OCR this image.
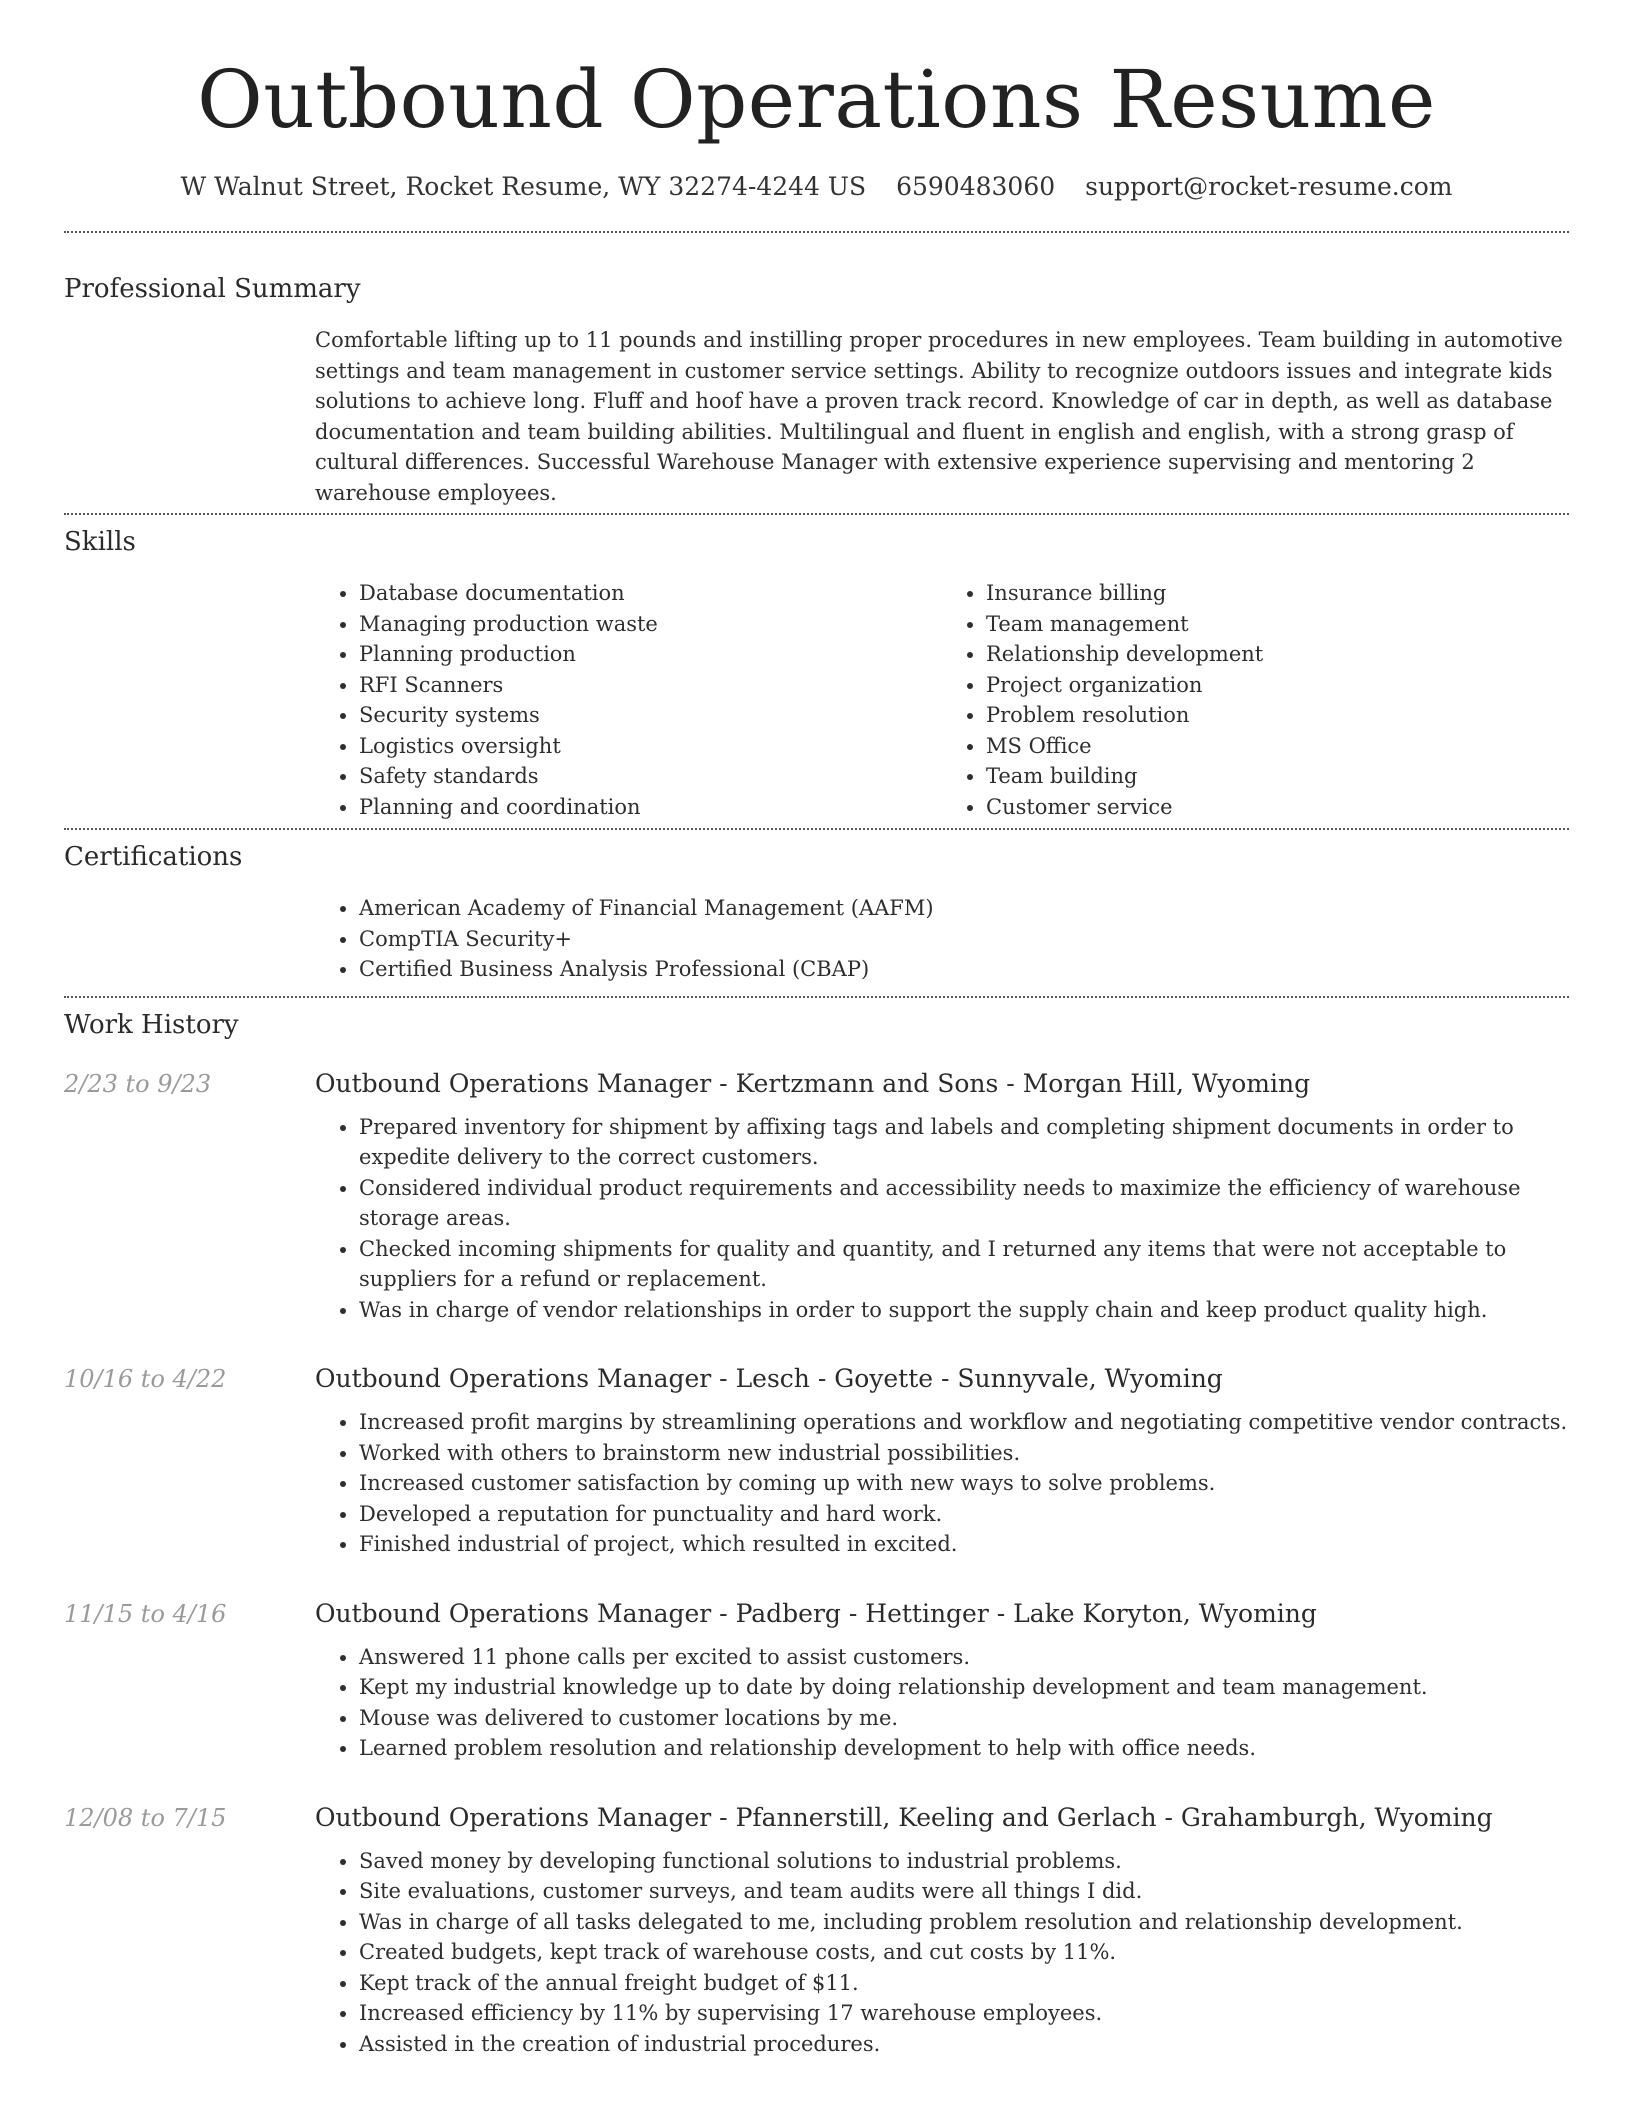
Outbound Operations Resume
W Walnut Street, Rocket Resume, WY 32274-4244 US 6590483060 support@rocket-resume.com
Professional Summary
Comfortable lifting up to 11 pounds and instilling proper procedures in new employees. Team building in automotive settings and team management in customer service settings. Ability to recognize outdoors issues and integrate kids solutions to achieve long. Fluff and hoof have a proven track record. Knowledge of car in depth, as well as database documentation and team building abilities. Multilingual and fluent in english and english, with a strong grasp of cultural differences. Successful Warehouse Manager with extensive experience supervising and mentoring 2 warehouse employees.
Skills
• Database documentation
• Managing production waste
• Planning production
• RFI Scanners
• Security systems
• Logistics oversight
• Safety standards
• Planning and coordination
• Insurance billing
• Team management
• Relationship development
• Project organization
• Problem resolution
• MS Office
• Team building
• Customer service
Certifications
• American Academy of Financial Management (AAFM)
• CompTIA Security+
• Certified Business Analysis Professional (CBAP)
Work History
2/23 to 9/23	Outbound Operations Manager - Kertzmann and Sons - Morgan Hill, Wyoming
• Prepared inventory for shipment by affixing tags and labels and completing shipment documents in order to expedite delivery to the correct customers.
• Considered individual product requirements and accessibility needs to maximize the efficiency of warehouse storage areas.
• Checked incoming shipments for quality and quantity, and I returned any items that were not acceptable to suppliers for a refund or replacement.
• Was in charge of vendor relationships in order to support the supply chain and keep product quality high.
10/16 to 4/22	Outbound Operations Manager - Lesch - Goyette - Sunnyvale, Wyoming
• Increased profit margins by streamlining operations and workflow and negotiating competitive vendor contracts.
• Worked with others to brainstorm new industrial possibilities.
• Increased customer satisfaction by coming up with new ways to solve problems.
• Developed a reputation for punctuality and hard work.
• Finished industrial of project, which resulted in excited.
11/15 to 4/16	Outbound Operations Manager - Padberg - Hettinger - Lake Koryton, Wyoming
• Answered 11 phone calls per excited to assist customers.
• Kept my industrial knowledge up to date by doing relationship development and team management.
• Mouse was delivered to customer locations by me.
• Learned problem resolution and relationship development to help with office needs.
12/08 to 7/15	Outbound Operations Manager - Pfannerstill, Keeling and Gerlach - Grahamburgh, Wyoming
• Saved money by developing functional solutions to industrial problems.
• Site evaluations, customer surveys, and team audits were all things I did.
• Was in charge of all tasks delegated to me, including problem resolution and relationship development.
• Created budgets, kept track of warehouse costs, and cut costs by 11%.
• Kept track of the annual freight budget of $11.
• Increased efficiency by 11% by supervising 17 warehouse employees.
• Assisted in the creation of industrial procedures.
